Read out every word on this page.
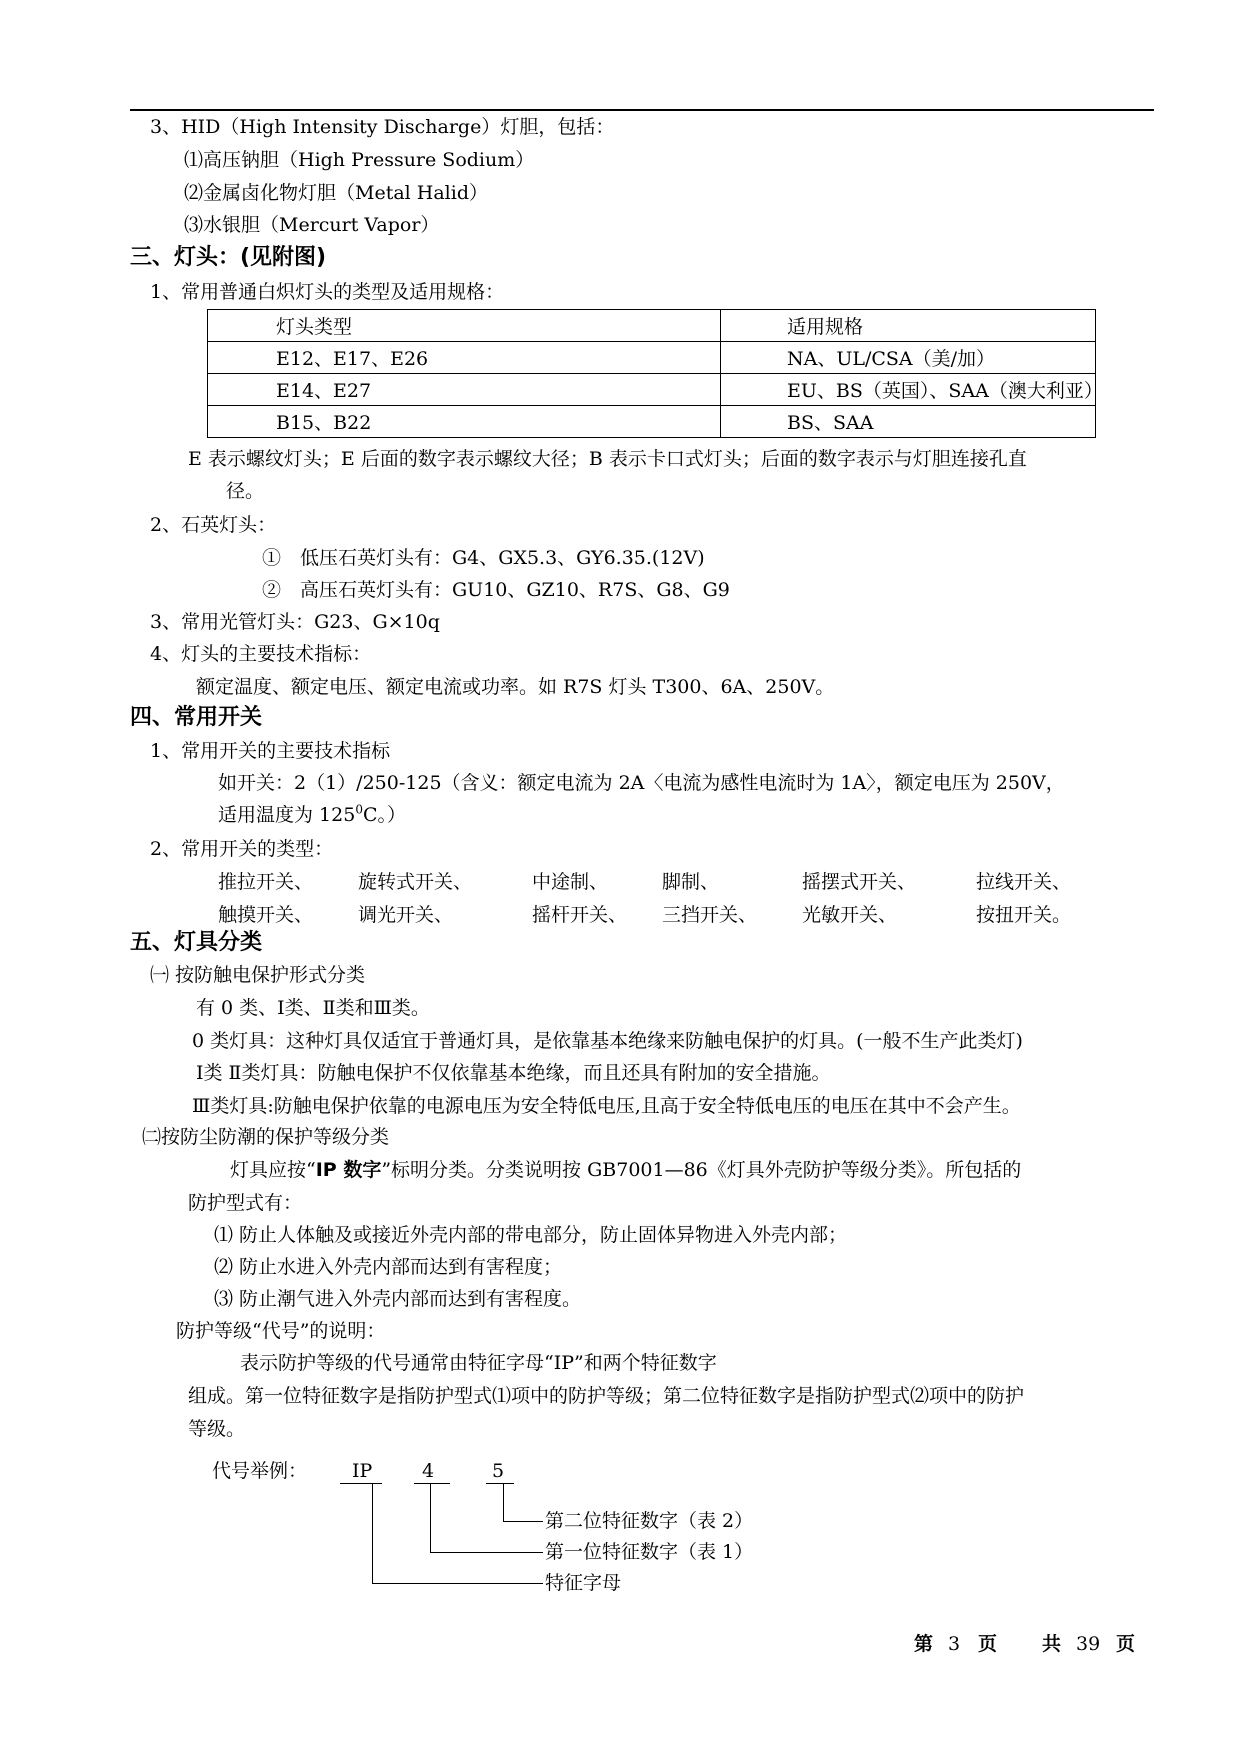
3、HID（High Intensity Discharge）灯胆，包括：
⑴高压钠胆（High Pressure Sodium）
⑵金属卤化物灯胆（Metal Halid）
⑶水银胆（Mercurt Vapor）
三、灯头：(见附图)
1、常用普通白炽灯头的类型及适用规格：
灯头类型	适用规格
E12、E17、E26	NA、UL/CSA（美/加）
E14、E27	EU、BS（英国）、SAA（澳大利亚）
B15、B22	BS、SAA
E 表示螺纹灯头；E 后面的数字表示螺纹大径；B 表示卡口式灯头；后面的数字表示与灯胆连接孔直
径。
2、石英灯头：
①　低压石英灯头有：G4、GX5.3、GY6.35.(12V)
②　高压石英灯头有：GU10、GZ10、R7S、G8、G9
3、常用光管灯头：G23、G×10q
4、灯头的主要技术指标：
额定温度、额定电压、额定电流或功率。如 R7S 灯头 T300、6A、250V。
四、常用开关
1、常用开关的主要技术指标
如开关：2（1）/250-125（含义：额定电流为 2A〈电流为感性电流时为 1A〉，额定电压为 250V，
适用温度为 $125^0C$。）
2、常用开关的类型：
推拉开关、 旋转式开关、	中途制、	脚制、	摇摆式开关、	拉线开关、
触摸开关、 调光开关、	摇杆开关、 三挡开关、 光敏开关、	按扭开关。
五、灯具分类
㈠ 按防触电保护形式分类
有 0 类、Ⅰ类、Ⅱ类和Ⅲ类。
0 类灯具：这种灯具仅适宜于普通灯具，是依靠基本绝缘来防触电保护的灯具。(一般不生产此类灯)
Ⅰ类 Ⅱ类灯具：防触电保护不仅依靠基本绝缘，而且还具有附加的安全措施。
Ⅲ类灯具:防触电保护依靠的电源电压为安全特低电压,且高于安全特低电压的电压在其中不会产生。
㈡按防尘防潮的保护等级分类
灯具应按“IP 数字”标明分类。分类说明按 GB7001—86《灯具外壳防护等级分类》。所包括的
防护型式有：
⑴ 防止人体触及或接近外壳内部的带电部分，防止固体异物进入外壳内部；
⑵ 防止水进入外壳内部而达到有害程度；
⑶ 防止潮气进入外壳内部而达到有害程度。
防护等级“代号”的说明：
表示防护等级的代号通常由特征字母“IP”和两个特征数字
组成。第一位特征数字是指防护型式⑴项中的防护等级；第二位特征数字是指防护型式⑵项中的防护
等级。
代号举例： IP	4	5
第二位特征数字（表 2）
第一位特征数字（表 1）
特征字母
第 3 页 共 39 页
